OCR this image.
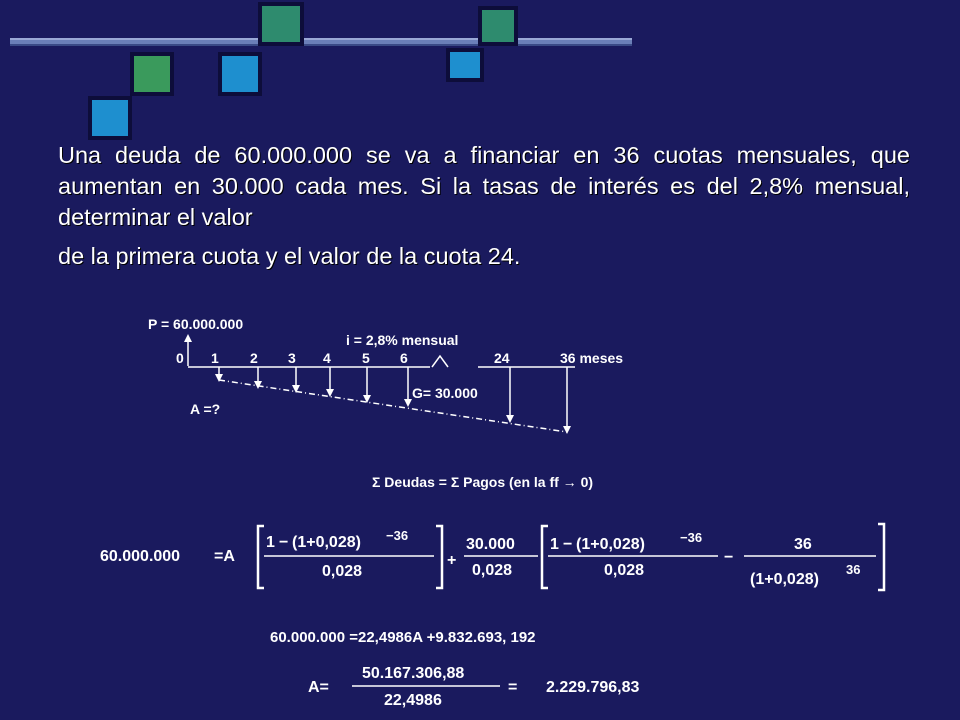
Una deuda de 60.000.000 se va a financiar en 36 cuotas mensuales, que aumentan en 30.000 cada mes. Si la tasas de interés es del 2,8% mensual, determinar el valor

de la primera cuota y el valor de la cuota 24.

P = 60.000.000
i = 2,8% mensual
0 1 2 3 4 5 6	24	36 meses
A =?
G= 30.000
Σ Deudas = Σ Pagos (en la ff → 0)
60.000.000 =A
1 − (1+0,028) −36
0,028
+
30.000
0,028
1 − (1+0,028)	−36
0,028
−
36
(1+0,028)
36
60.000.000 =22,4986A +9.832.693, 192
A=
50.167.306,88
22,4986
= 2.229.796,83
